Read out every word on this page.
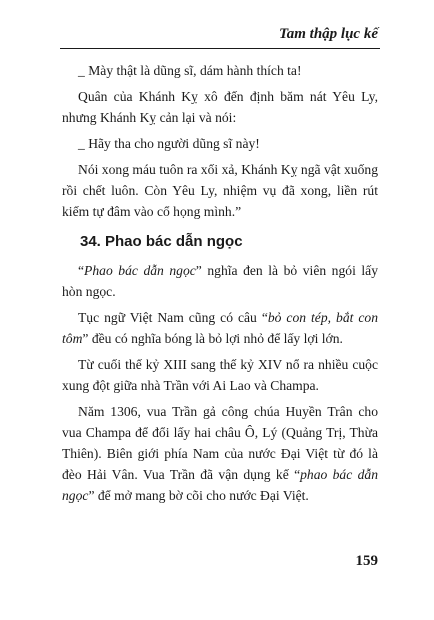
Tam thập lục kế

_ Mày thật là dũng sĩ, dám hành thích ta!

Quân của Khánh Kỵ xô đến định băm nát Yêu Ly, nhưng Khánh Kỵ cản lại và nói:

_ Hãy tha cho người dũng sĩ này!

Nói xong máu tuôn ra xối xả, Khánh Kỵ ngã vật xuống rồi chết luôn. Còn Yêu Ly, nhiệm vụ đã xong, liền rút kiếm tự đâm vào cổ họng mình.”

34. Phao bác dẫn ngọc

“Phao bác dẫn ngọc” nghĩa đen là bỏ viên ngói lấy hòn ngọc.

Tục ngữ Việt Nam cũng có câu “bỏ con tép, bắt con tôm” đều có nghĩa bóng là bỏ lợi nhỏ để lấy lợi lớn.

Từ cuối thế kỷ XIII sang thế kỷ XIV nổ ra nhiều cuộc xung đột giữa nhà Trần với Ai Lao và Champa.

Năm 1306, vua Trần gả công chúa Huyền Trân cho vua Champa để đổi lấy hai châu Ô, Lý (Quảng Trị, Thừa Thiên). Biên giới phía Nam của nước Đại Việt từ đó là đèo Hải Vân. Vua Trần đã vận dụng kế “phao bác dẫn ngọc” để mở mang bờ cõi cho nước Đại Việt.

159
